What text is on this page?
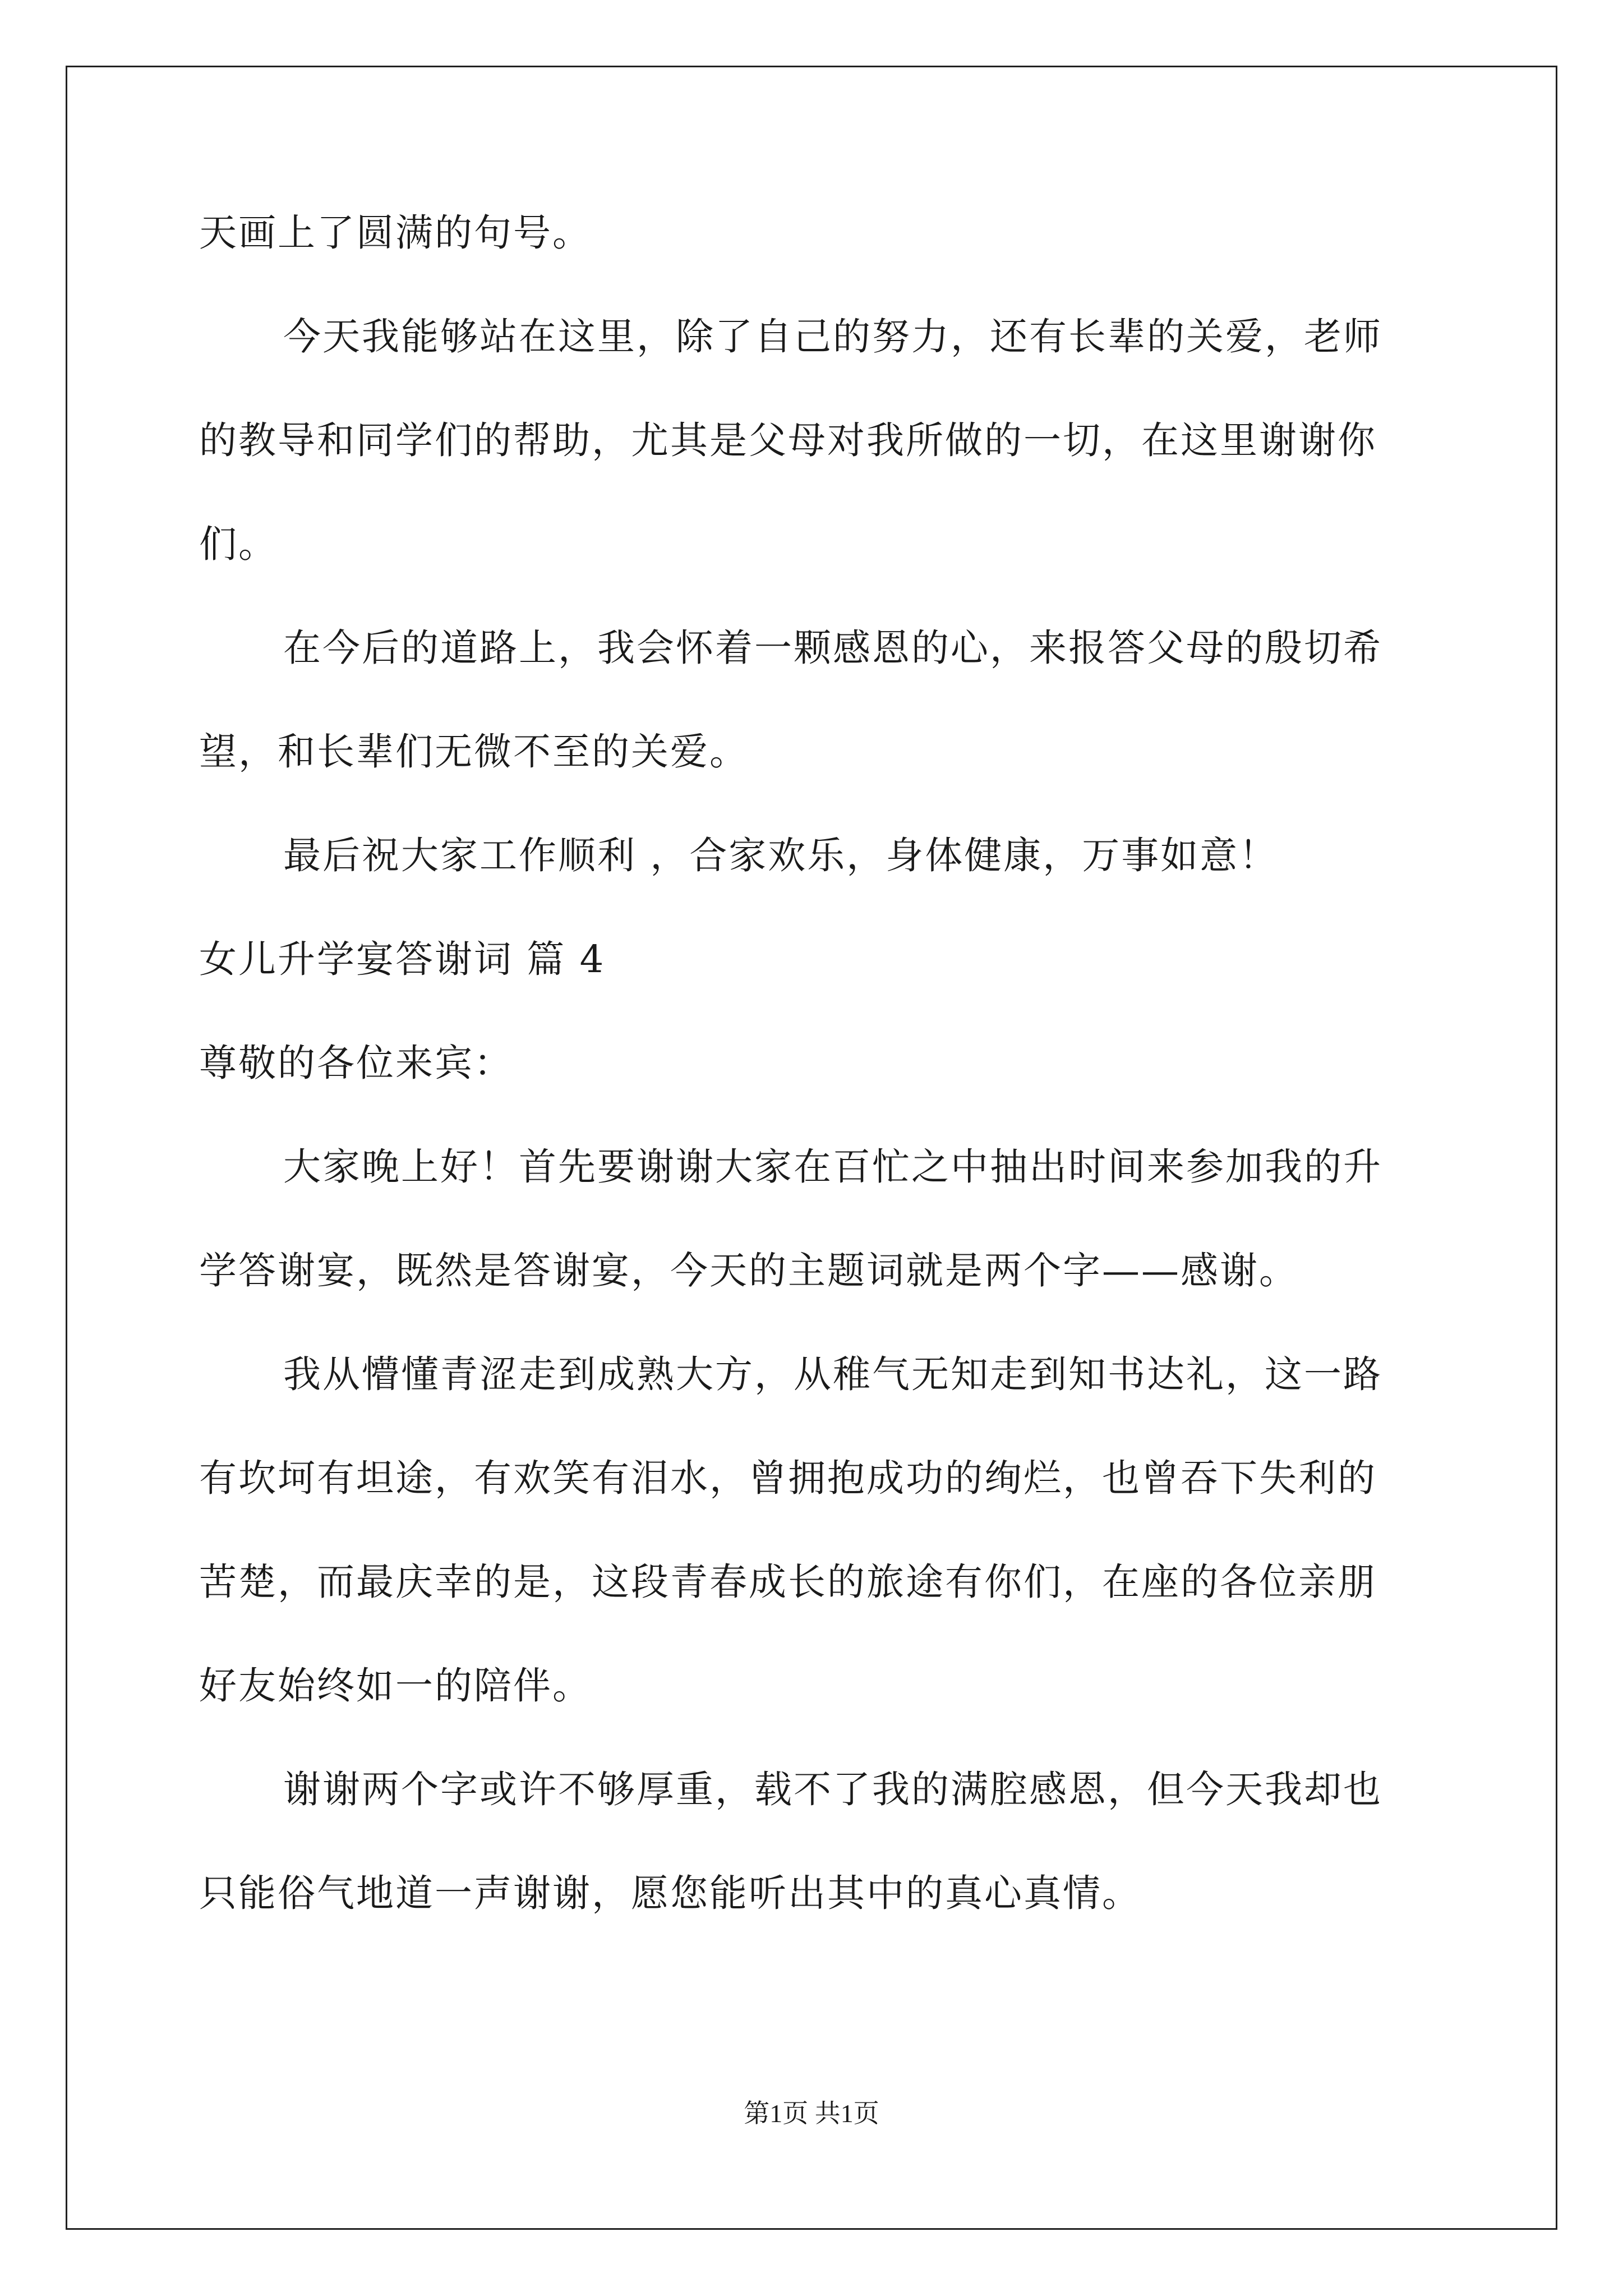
天画上了圆满的句号。
今天我能够站在这里，除了自己的努力，还有长辈的关爱，老师
的教导和同学们的帮助，尤其是父母对我所做的一切，在这里谢谢你
们。
在今后的道路上，我会怀着一颗感恩的心，来报答父母的殷切希
望，和长辈们无微不至的关爱。
最后祝大家工作顺利 ，合家欢乐，身体健康，万事如意！
女儿升学宴答谢词 篇 4
尊敬的各位来宾：
大家晚上好！首先要谢谢大家在百忙之中抽出时间来参加我的升
学答谢宴，既然是答谢宴，今天的主题词就是两个字——感谢。
我从懵懂青涩走到成熟大方，从稚气无知走到知书达礼，这一路
有坎坷有坦途，有欢笑有泪水，曾拥抱成功的绚烂，也曾吞下失利的
苦楚，而最庆幸的是，这段青春成长的旅途有你们，在座的各位亲朋
好友始终如一的陪伴。
谢谢两个字或许不够厚重，载不了我的满腔感恩，但今天我却也
只能俗气地道一声谢谢，愿您能听出其中的真心真情。
第1页 共1页
